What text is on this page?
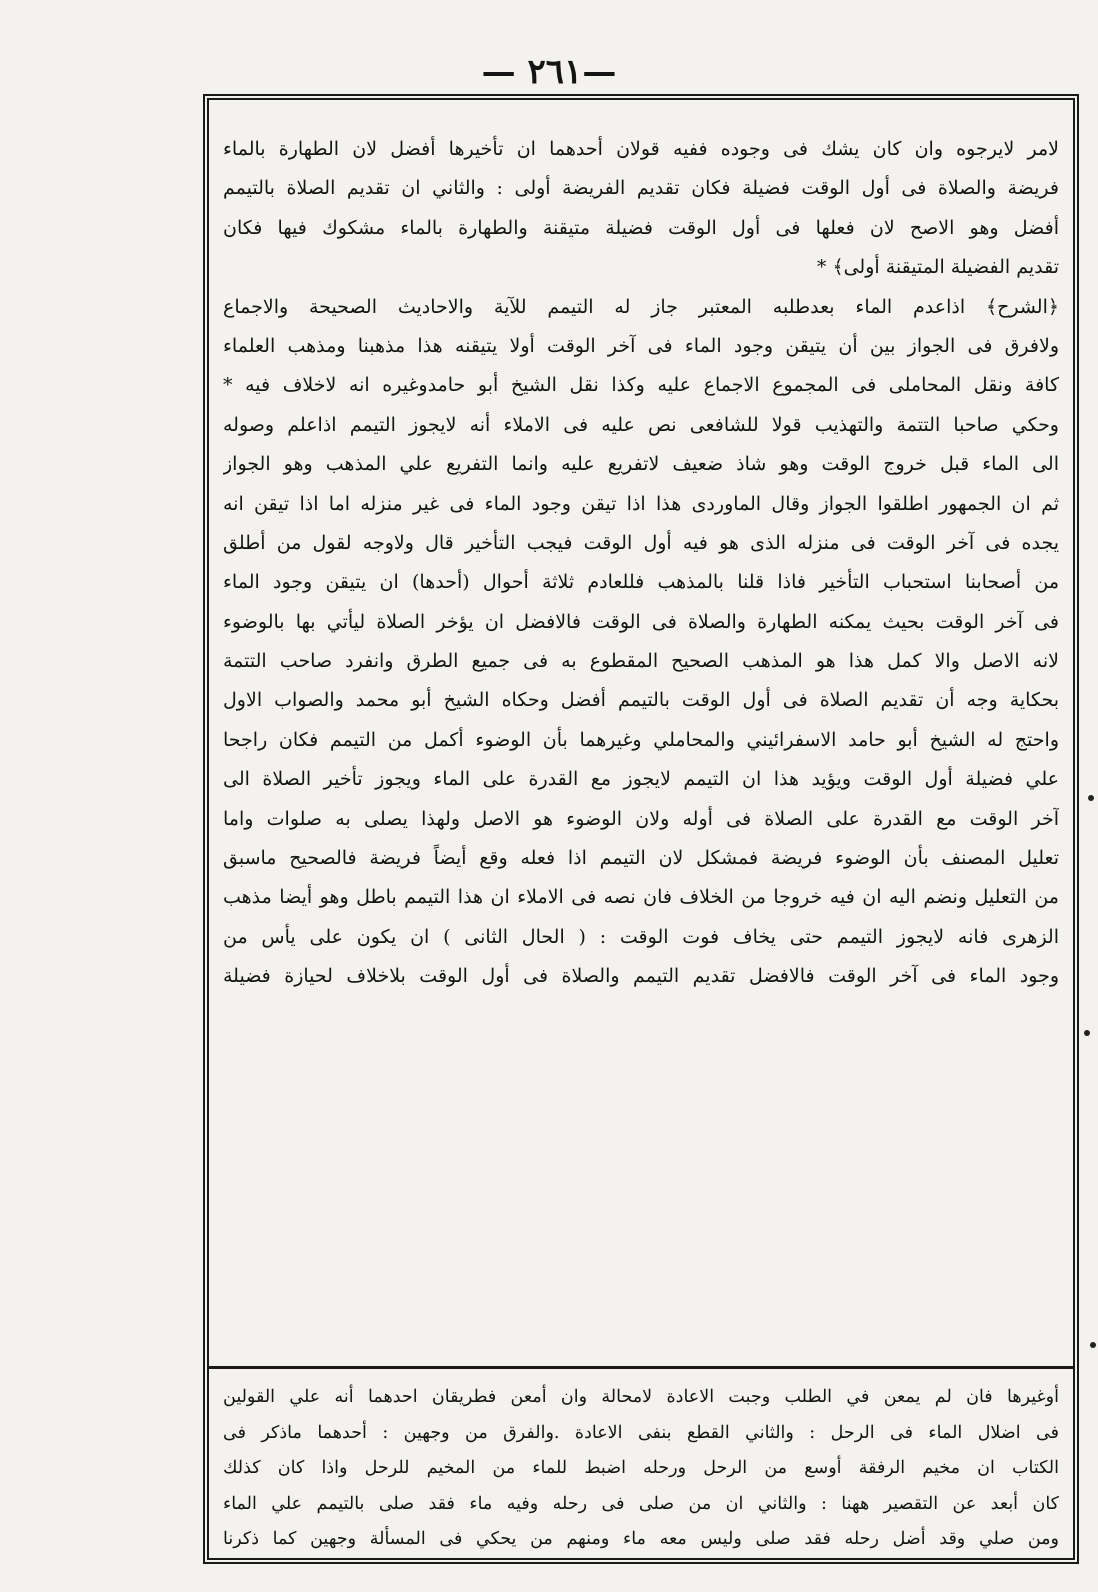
— ٢٦١—
لامر لايرجوه وان كان يشك فى وجوده ففيه قولان أحدهما ان تأخيرها أفضل لان الطهارة بالماء
فريضة والصلاة فى أول الوقت فضيلة فكان تقديم الفريضة أولى : والثاني ان تقديم الصلاة بالتيمم
أفضل وهو الاصح لان فعلها فى أول الوقت فضيلة متيقنة والطهارة بالماء مشكوك فيها فكان
تقديم الفضيلة المتيقنة أولى﴾ *
﴿الشرح﴾ اذاعدم الماء بعدطلبه المعتبر جاز له التيمم للآية والاحاديث الصحيحة والاجماع
ولافرق فى الجواز بين أن يتيقن وجود الماء فى آخر الوقت أولا يتيقنه هذا مذهبنا ومذهب العلماء
كافة ونقل المحاملى فى المجموع الاجماع عليه وكذا نقل الشيخ أبو حامدوغيره انه لاخلاف فيه *
وحكي صاحبا التتمة والتهذيب قولا للشافعى نص عليه فى الاملاء أنه لايجوز التيمم اذاعلم وصوله
الى الماء قبل خروج الوقت وهو شاذ ضعيف لاتفريع عليه وانما التفريع علي المذهب وهو الجواز
ثم ان الجمهور اطلقوا الجواز وقال الماوردى هذا اذا تيقن وجود الماء فى غير منزله اما اذا تيقن انه
يجده فى آخر الوقت فى منزله الذى هو فيه أول الوقت فيجب التأخير قال ولاوجه لقول من أطلق
من أصحابنا استحباب التأخير فاذا قلنا بالمذهب فللعادم ثلاثة أحوال (أحدها) ان يتيقن وجود الماء
فى آخر الوقت بحيث يمكنه الطهارة والصلاة فى الوقت فالافضل ان يؤخر الصلاة ليأتي بها بالوضوء
لانه الاصل والا كمل هذا هو المذهب الصحيح المقطوع به فى جميع الطرق وانفرد صاحب التتمة
بحكاية وجه أن تقديم الصلاة فى أول الوقت بالتيمم أفضل وحكاه الشيخ أبو محمد والصواب الاول
واحتج له الشيخ أبو حامد الاسفرائيني والمحاملي وغيرهما بأن الوضوء أكمل من التيمم فكان راجحا
علي فضيلة أول الوقت ويؤيد هذا ان التيمم لايجوز مع القدرة على الماء ويجوز تأخير الصلاة الى
آخر الوقت مع القدرة على الصلاة فى أوله ولان الوضوء هو الاصل ولهذا يصلى به صلوات واما
تعليل المصنف بأن الوضوء فريضة فمشكل لان التيمم اذا فعله وقع أيضاً فريضة فالصحيح ماسبق
من التعليل ونضم اليه ان فيه خروجا من الخلاف فان نصه فى الاملاء ان هذا التيمم باطل وهو أيضا مذهب
الزهرى فانه لايجوز التيمم حتى يخاف فوت الوقت : ( الحال الثانى ) ان يكون على يأس من
وجود الماء فى آخر الوقت فالافضل تقديم التيمم والصلاة فى أول الوقت بلاخلاف لحيازة فضيلة
أوغيرها فان لم يمعن في الطلب وجبت الاعادة لامحالة وان أمعن فطريقان احدهما أنه علي القولين
فى اضلال الماء فى الرحل : والثاني القطع بنفى الاعادة .والفرق من وجهين : أحدهما ماذكر فى
الكتاب ان مخيم الرفقة أوسع من الرحل ورحله اضبط للماء من المخيم للرحل واذا كان كذلك
كان أبعد عن التقصير ههنا : والثاني ان من صلى فى رحله وفيه ماء فقد صلى بالتيمم علي الماء
ومن صلي وقد أضل رحله فقد صلى وليس معه ماء ومنهم من يحكي فى المسألة وجهين كما ذكرنا
